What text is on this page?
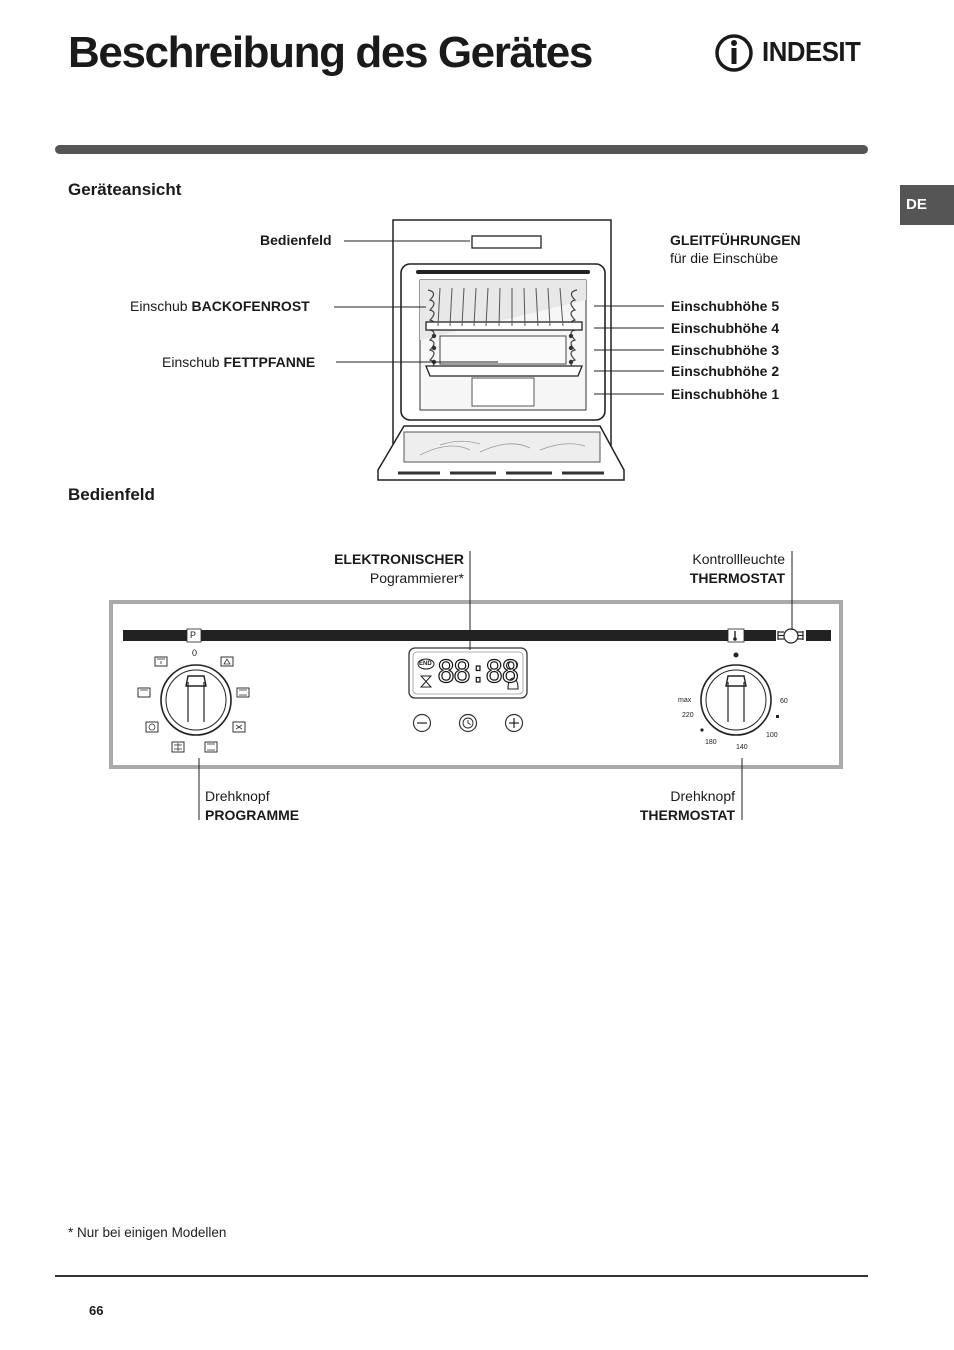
Beschreibung des Gerätes	INDESIT
DE
Geräteansicht
Bedienfeld
Einschub BACKOFENROST
Einschub FETTPFANNE
GLEITFÜHRUNGEN
für die Einschübe
Einschubhöhe 5
Einschubhöhe 4
Einschubhöhe 3
Einschubhöhe 2
Einschubhöhe 1
Bedienfeld
ELEKTRONISCHER
Pogrammierer*
Kontrollleuchte
THERMOSTAT
P
0
END 88:88
max
220
180
140
100
60
Drehknopf
PROGRAMME
Drehknopf
THERMOSTAT
* Nur bei einigen Modellen
66
